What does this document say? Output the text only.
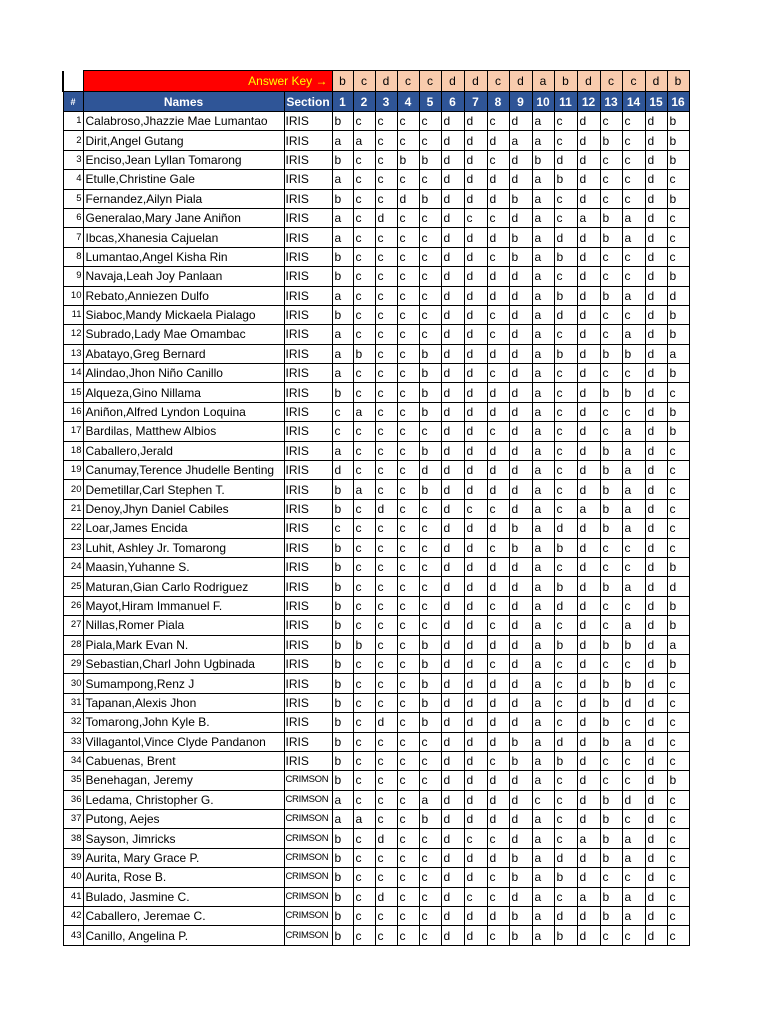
	Answer Key →		b	c	d	c	c	d	d	c	d	a	b	d	c	c	d	b
#	Names	Section	1	2	3	4	5	6	7	8	9	10	11	12	13	14	15	16
1	Calabroso,Jhazzie Mae Lumantao	IRIS	b	c	c	c	c	d	d	c	d	a	c	d	c	c	d	b
2	Dirit,Angel Gutang	IRIS	a	a	c	c	c	d	d	d	a	a	c	d	b	c	d	b
3	Enciso,Jean Lyllan Tomarong	IRIS	b	c	c	b	b	d	d	c	d	b	d	d	c	c	d	b
4	Etulle,Christine Gale	IRIS	a	c	c	c	c	d	d	d	d	a	b	d	c	c	d	c
5	Fernandez,Ailyn Piala	IRIS	b	c	c	d	b	d	d	d	b	a	c	d	c	c	d	b
6	Generalao,Mary Jane Aniñon	IRIS	a	c	d	c	c	d	c	c	d	a	c	a	b	a	d	c
7	Ibcas,Xhanesia Cajuelan	IRIS	a	c	c	c	c	d	d	d	b	a	d	d	b	a	d	c
8	Lumantao,Angel Kisha Rin	IRIS	b	c	c	c	c	d	d	c	b	a	b	d	c	c	d	c
9	Navaja,Leah Joy Panlaan	IRIS	b	c	c	c	c	d	d	d	d	a	c	d	c	c	d	b
10	Rebato,Anniezen Dulfo	IRIS	a	c	c	c	c	d	d	d	d	a	b	d	b	a	d	d
11	Siaboc,Mandy Mickaela Pialago	IRIS	b	c	c	c	c	d	d	c	d	a	d	d	c	c	d	b
12	Subrado,Lady Mae Omambac	IRIS	a	c	c	c	c	d	d	c	d	a	c	d	c	a	d	b
13	Abatayo,Greg Bernard	IRIS	a	b	c	c	b	d	d	d	d	a	b	d	b	b	d	a
14	Alindao,Jhon Niño Canillo	IRIS	a	c	c	c	b	d	d	c	d	a	c	d	c	c	d	b
15	Alqueza,Gino Nillama	IRIS	b	c	c	c	b	d	d	d	d	a	c	d	b	b	d	c
16	Aniñon,Alfred Lyndon Loquina	IRIS	c	a	c	c	b	d	d	d	d	a	c	d	c	c	d	b
17	Bardilas, Matthew Albios	IRIS	c	c	c	c	c	d	d	c	d	a	c	d	c	a	d	b
18	Caballero,Jerald	IRIS	a	c	c	c	b	d	d	d	d	a	c	d	b	a	d	c
19	Canumay,Terence Jhudelle Benting	IRIS	d	c	c	c	d	d	d	d	d	a	c	d	b	a	d	c
20	Demetillar,Carl Stephen T.	IRIS	b	a	c	c	b	d	d	d	d	a	c	d	b	a	d	c
21	Denoy,Jhyn Daniel Cabiles	IRIS	b	c	d	c	c	d	c	c	d	a	c	a	b	a	d	c
22	Loar,James Encida	IRIS	c	c	c	c	c	d	d	d	b	a	d	d	b	a	d	c
23	Luhit, Ashley Jr. Tomarong	IRIS	b	c	c	c	c	d	d	c	b	a	b	d	c	c	d	c
24	Maasin,Yuhanne S.	IRIS	b	c	c	c	c	d	d	d	d	a	c	d	c	c	d	b
25	Maturan,Gian Carlo Rodriguez	IRIS	b	c	c	c	c	d	d	d	d	a	b	d	b	a	d	d
26	Mayot,Hiram Immanuel F.	IRIS	b	c	c	c	c	d	d	c	d	a	d	d	c	c	d	b
27	Nillas,Romer Piala	IRIS	b	c	c	c	c	d	d	c	d	a	c	d	c	a	d	b
28	Piala,Mark Evan N.	IRIS	b	b	c	c	b	d	d	d	d	a	b	d	b	b	d	a
29	Sebastian,Charl John Ugbinada	IRIS	b	c	c	c	b	d	d	c	d	a	c	d	c	c	d	b
30	Sumampong,Renz J	IRIS	b	c	c	c	b	d	d	d	d	a	c	d	b	b	d	c
31	Tapanan,Alexis Jhon	IRIS	b	c	c	c	b	d	d	d	d	a	c	d	b	d	d	c
32	Tomarong,John Kyle B.	IRIS	b	c	d	c	b	d	d	d	d	a	c	d	b	c	d	c
33	Villagantol,Vince Clyde Pandanon	IRIS	b	c	c	c	c	d	d	d	b	a	d	d	b	a	d	c
34	Cabuenas, Brent	IRIS	b	c	c	c	c	d	d	c	b	a	b	d	c	c	d	c
35	Benehagan, Jeremy	CRIMSON	b	c	c	c	c	d	d	d	d	a	c	d	c	c	d	b
36	Ledama, Christopher G.	CRIMSON	a	c	c	c	a	d	d	d	d	c	c	d	b	d	d	c
37	Putong, Aejes	CRIMSON	a	a	c	c	b	d	d	d	d	a	c	d	b	c	d	c
38	Sayson, Jimricks	CRIMSON	b	c	d	c	c	d	c	c	d	a	c	a	b	a	d	c
39	Aurita, Mary Grace P.	CRIMSON	b	c	c	c	c	d	d	d	b	a	d	d	b	a	d	c
40	Aurita, Rose B.	CRIMSON	b	c	c	c	c	d	d	c	b	a	b	d	c	c	d	c
41	Bulado, Jasmine C.	CRIMSON	b	c	d	c	c	d	c	c	d	a	c	a	b	a	d	c
42	Caballero, Jeremae C.	CRIMSON	b	c	c	c	c	d	d	d	b	a	d	d	b	a	d	c
43	Canillo, Angelina P.	CRIMSON	b	c	c	c	c	d	d	c	b	a	b	d	c	c	d	c
